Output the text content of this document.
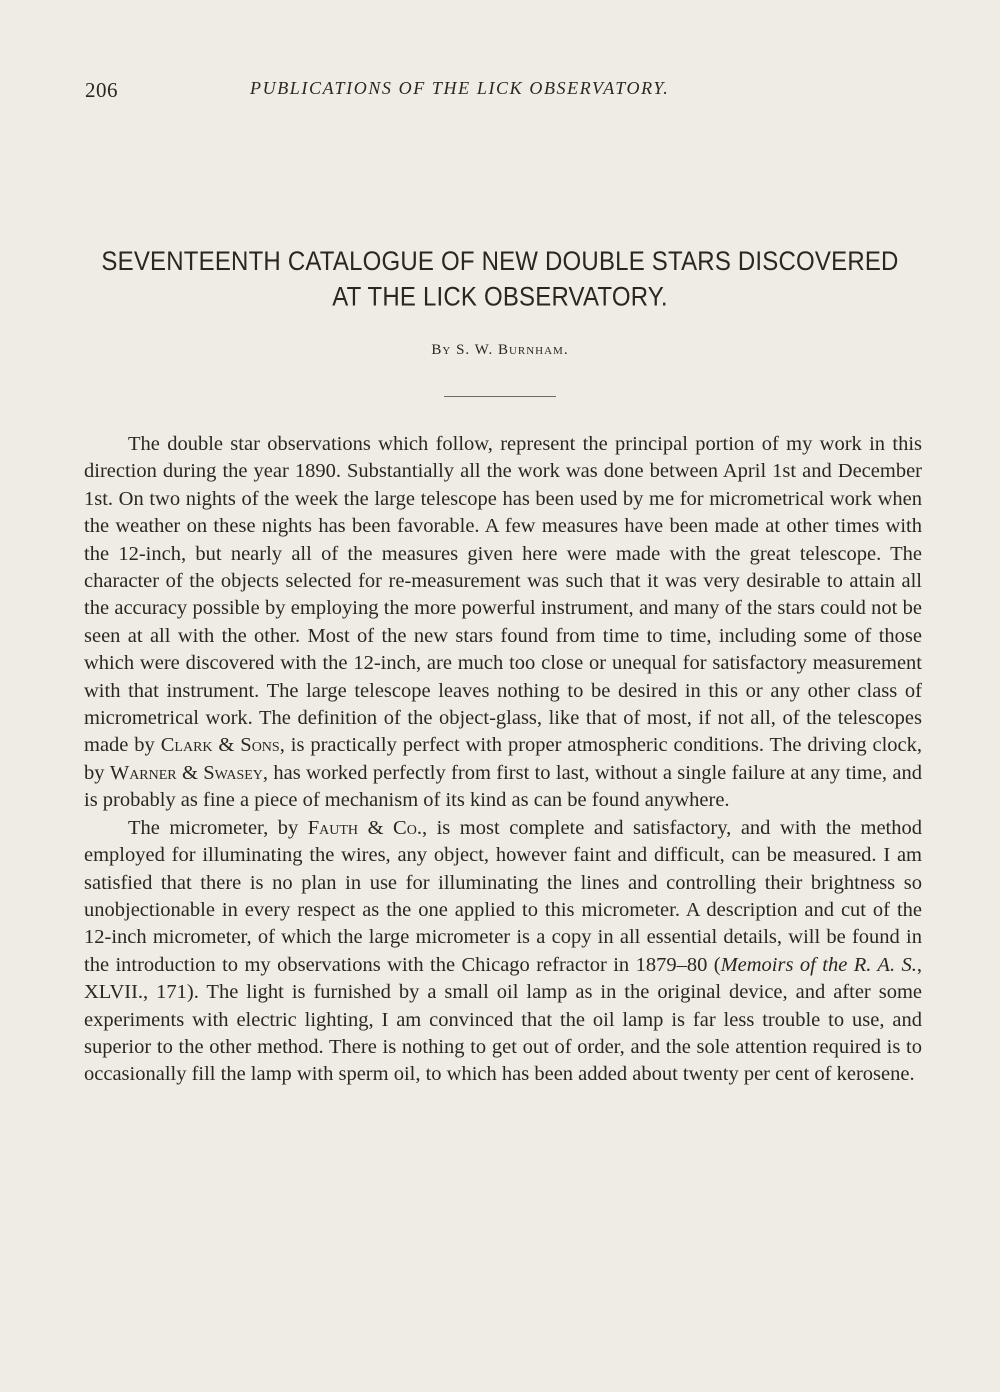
206	PUBLICATIONS OF THE LICK OBSERVATORY.
SEVENTEENTH CATALOGUE OF NEW DOUBLE STARS DISCOVERED
AT THE LICK OBSERVATORY.
By S. W. Burnham.

The double star observations which follow, represent the principal portion of my work in this direction during the year 1890. Substantially all the work was done between April 1st and December 1st. On two nights of the week the large telescope has been used by me for micrometrical work when the weather on these nights has been favorable. A few measures have been made at other times with the 12-inch, but nearly all of the measures given here were made with the great telescope. The character of the objects selected for re-measurement was such that it was very desirable to attain all the accuracy possible by employing the more powerful instrument, and many of the stars could not be seen at all with the other. Most of the new stars found from time to time, including some of those which were discovered with the 12-inch, are much too close or unequal for satisfactory measurement with that instrument. The large telescope leaves nothing to be desired in this or any other class of micrometrical work. The definition of the object-glass, like that of most, if not all, of the telescopes made by Clark & Sons, is practically perfect with proper atmospheric conditions. The driving clock, by Warner & Swasey, has worked perfectly from first to last, without a single failure at any time, and is probably as fine a piece of mechanism of its kind as can be found anywhere.

The micrometer, by Fauth & Co., is most complete and satisfactory, and with the method employed for illuminating the wires, any object, however faint and difficult, can be measured. I am satisfied that there is no plan in use for illuminating the lines and controlling their brightness so unobjectionable in every respect as the one applied to this micrometer. A description and cut of the 12-inch micrometer, of which the large micrometer is a copy in all essential details, will be found in the introduction to my observations with the Chicago refractor in 1879–80 (Memoirs of the R. A. S., XLVII., 171). The light is furnished by a small oil lamp as in the original device, and after some experiments with electric lighting, I am convinced that the oil lamp is far less trouble to use, and superior to the other method. There is nothing to get out of order, and the sole attention required is to occasionally fill the lamp with sperm oil, to which has been added about twenty per cent of kerosene.
